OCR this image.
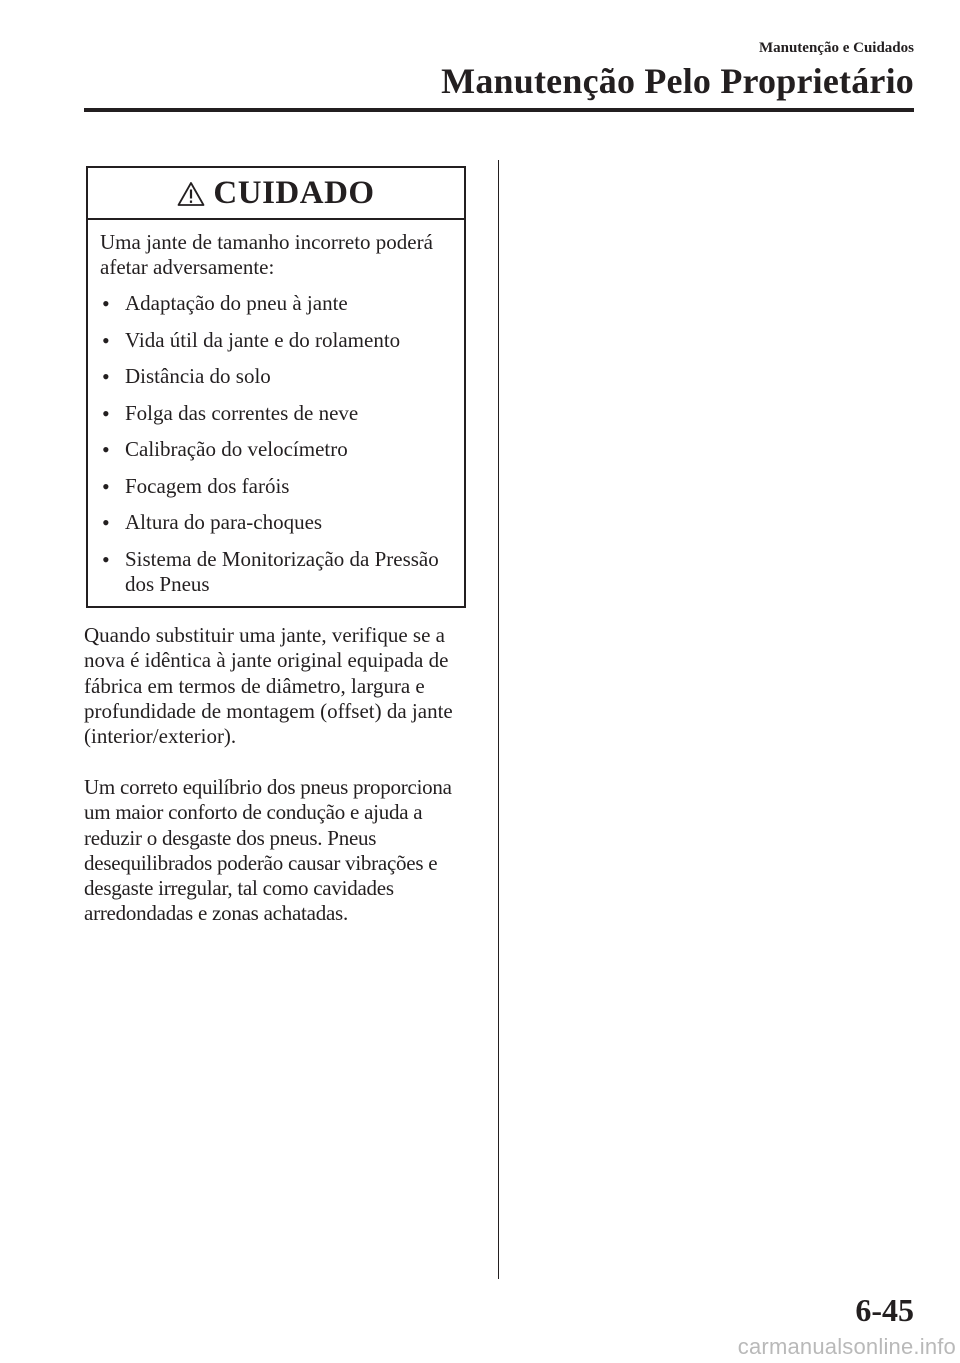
Manutenção e Cuidados
Manutenção Pelo Proprietário
CUIDADO

Uma jante de tamanho incorreto poderá afetar adversamente:

• Adaptação do pneu à jante
• Vida útil da jante e do rolamento
• Distância do solo
• Folga das correntes de neve
• Calibração do velocímetro
• Focagem dos faróis
• Altura do para-choques
• Sistema de Monitorização da Pressão dos Pneus

Quando substituir uma jante, verifique se a nova é idêntica à jante original equipada de fábrica em termos de diâmetro, largura e profundidade de montagem (offset) da jante (interior/exterior).

Um correto equilíbrio dos pneus proporciona um maior conforto de condução e ajuda a reduzir o desgaste dos pneus. Pneus desequilibrados poderão causar vibrações e desgaste irregular, tal como cavidades arredondadas e zonas achatadas.

6-45
carmanualsonline.info
